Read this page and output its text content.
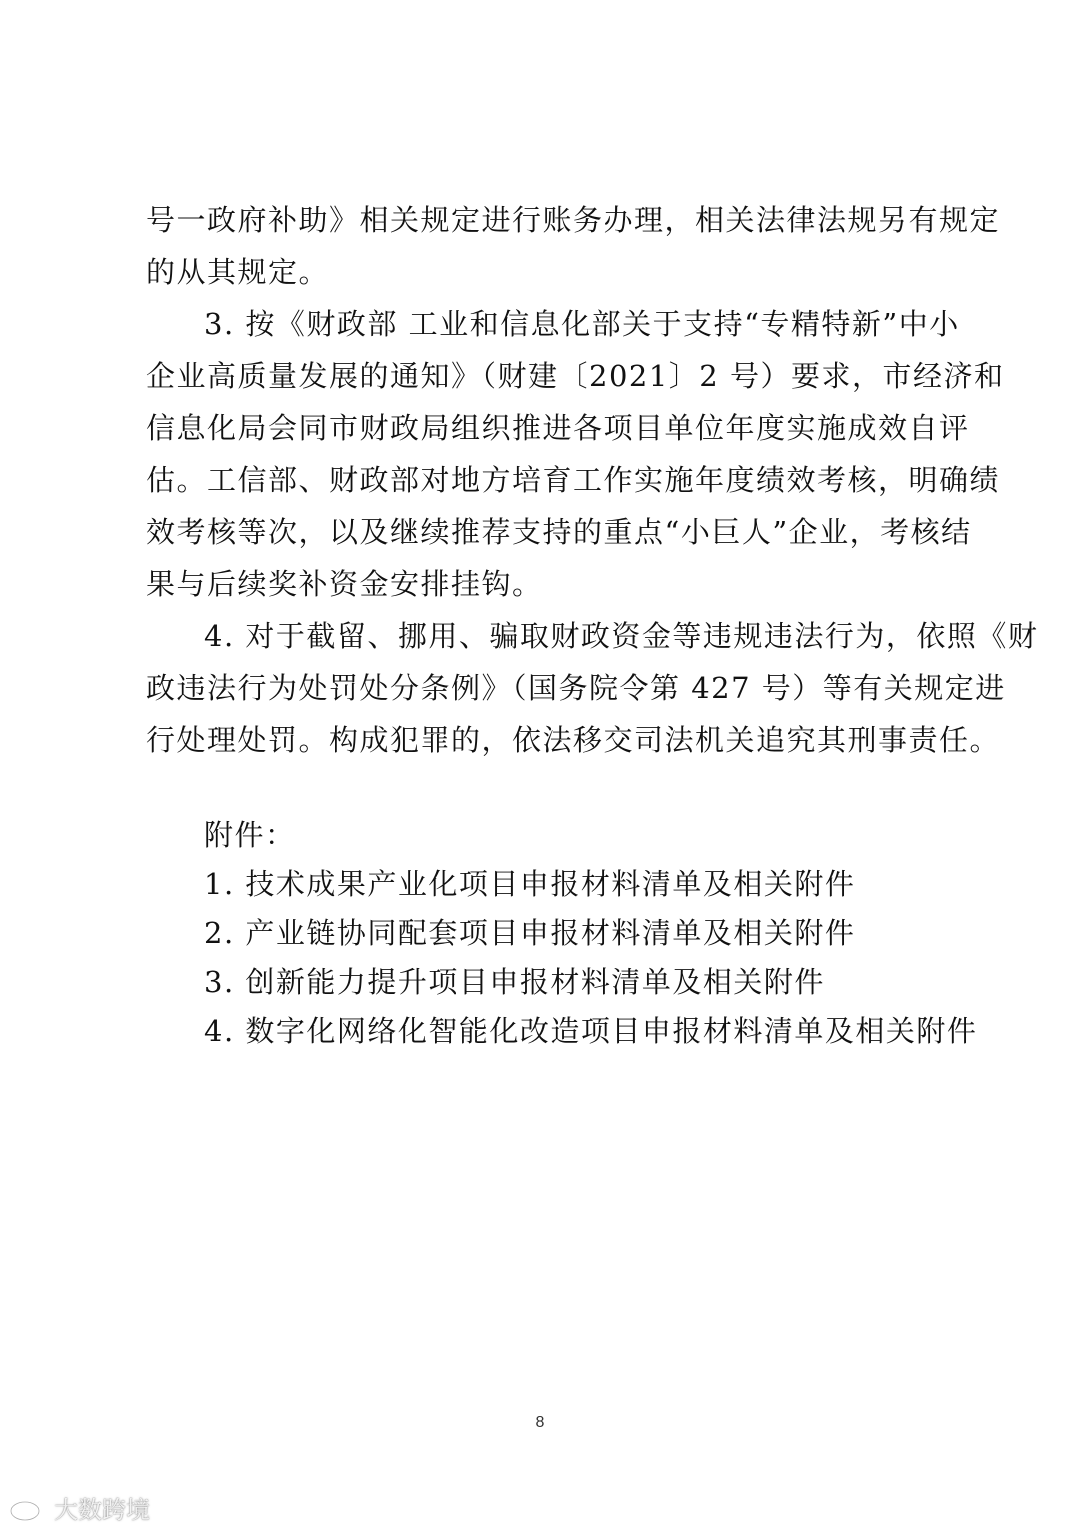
号一政府补助》相关规定进行账务办理，相关法律法规另有规定
的从其规定。
3. 按《财政部 工业和信息化部关于支持“专精特新”中小
企业高质量发展的通知》（财建〔2021〕2 号）要求，市经济和
信息化局会同市财政局组织推进各项目单位年度实施成效自评
估。工信部、财政部对地方培育工作实施年度绩效考核，明确绩
效考核等次，以及继续推荐支持的重点“小巨人”企业，考核结
果与后续奖补资金安排挂钩。
4. 对于截留、挪用、骗取财政资金等违规违法行为，依照《财
政违法行为处罚处分条例》（国务院令第 427 号）等有关规定进
行处理处罚。构成犯罪的，依法移交司法机关追究其刑事责任。
附件：
1. 技术成果产业化项目申报材料清单及相关附件
2. 产业链协同配套项目申报材料清单及相关附件
3. 创新能力提升项目申报材料清单及相关附件
4. 数字化网络化智能化改造项目申报材料清单及相关附件
8
大数跨境
